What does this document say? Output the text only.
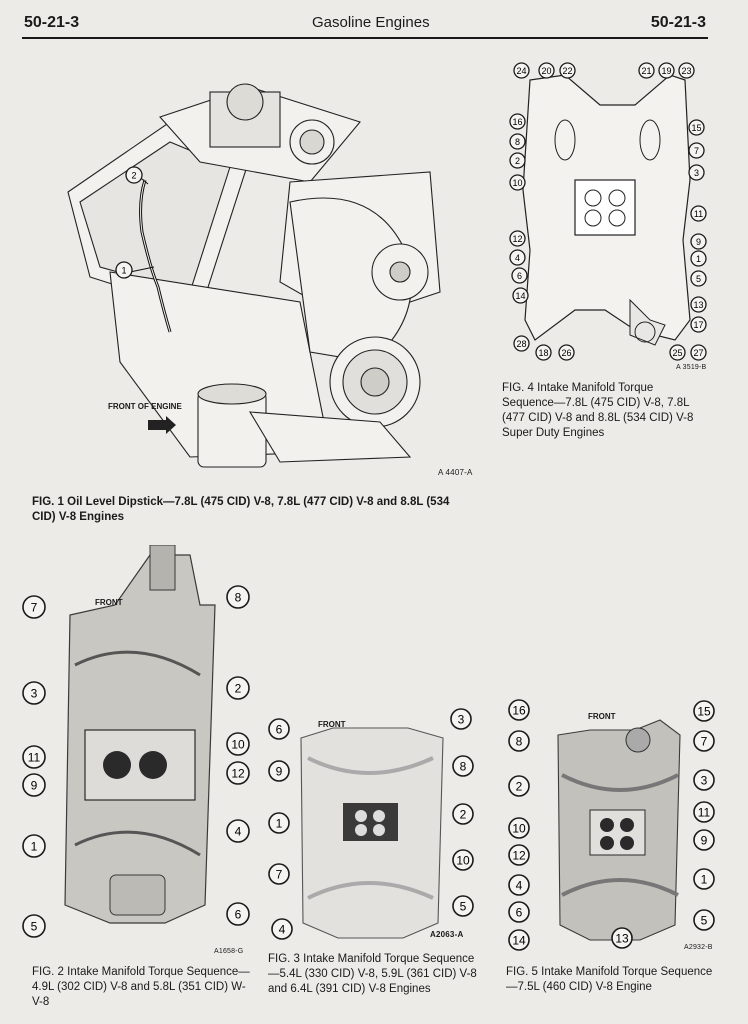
50-21-3	Gasoline Engines	50-21-3
2
1
FRONT OF ENGINE
A 4407-A
FIG. 1 Oil Level Dipstick—7.8L (475 CID) V-8, 7.8L (477 CID) V-8 and 8.8L (534 CID) V-8 Engines
A 3519-B
FIG. 4 Intake Manifold Torque Sequence—7.8L (475 CID) V-8, 7.8L (477 CID) V-8 and 8.8L (534 CID) V-8 Super Duty Engines
FRONT
A1658-G
FIG. 2 Intake Manifold Torque Sequence—4.9L (302 CID) V-8 and 5.8L (351 CID) W-V-8
FRONT
A2063-A
FIG. 3 Intake Manifold Torque Sequence—5.4L (330 CID) V-8, 5.9L (361 CID) V-8 and 6.4L (391 CID) V-8 Engines
FRONT
A2932-B
FIG. 5 Intake Manifold Torque Sequence—7.5L (460 CID) V-8 Engine
24 20 22	21 19 23
16
8
2
10
12
4
6
14
28
18 26
15
7
3
11
9
1
5
13
17
25 27
7
8
3	2
11
10
9
12
1
4
5
6
6
3
9	8
1
2
10
7
5
4
16	15
8	7
2	3
11
10
9
12
4	1
6
5
14	13
